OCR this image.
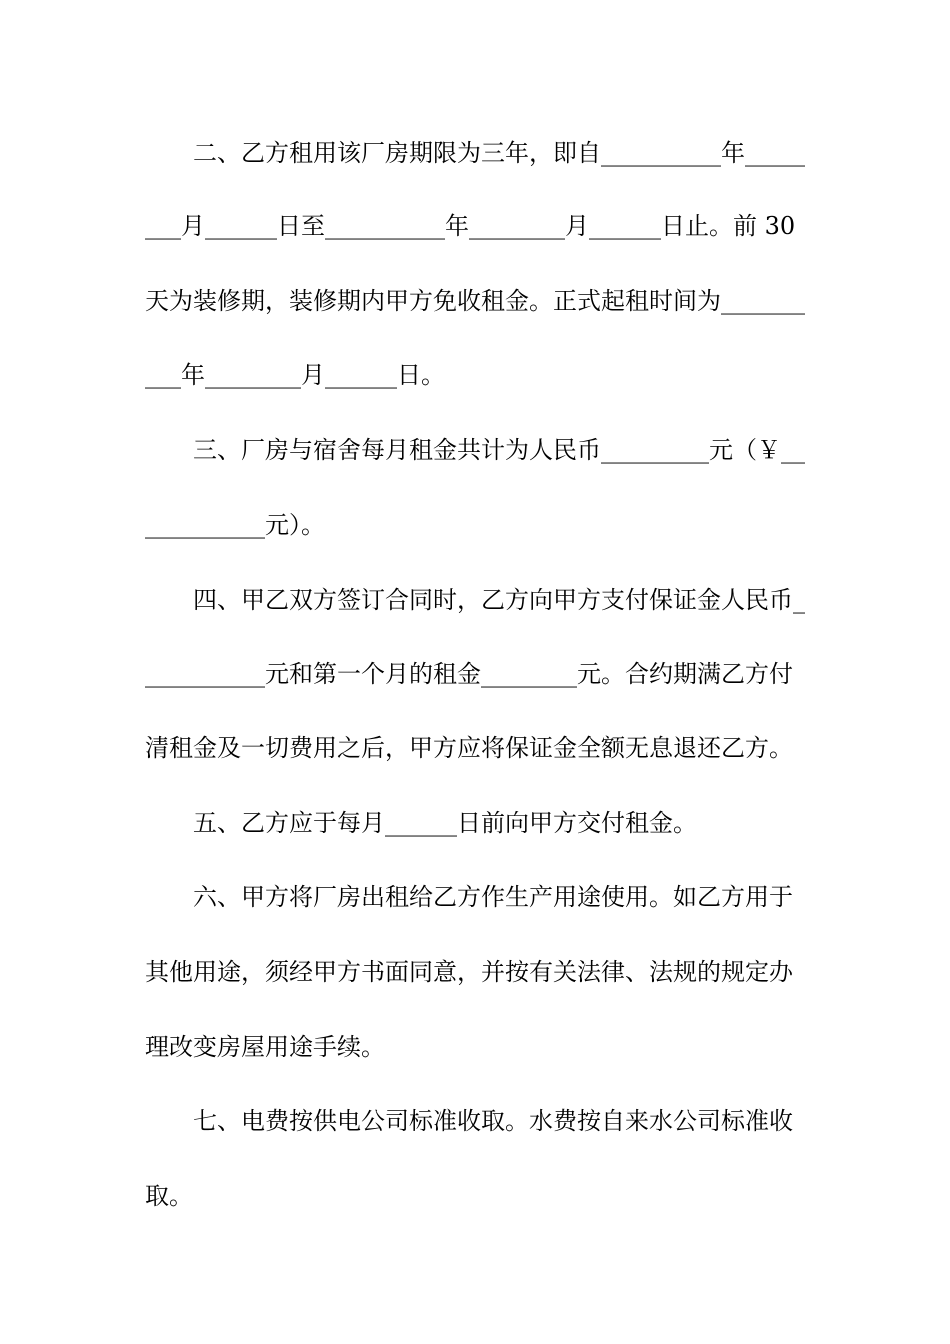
二、乙方租用该厂房期限为三年，即自__________年_____
___月______日至__________年________月______日止。前 30
天为装修期，装修期内甲方免收租金。正式起租时间为_______
___年________月______日。
三、厂房与宿舍每月租金共计为人民币_________元（￥__
__________元）。
四、甲乙双方签订合同时，乙方向甲方支付保证金人民币_
__________元和第一个月的租金________元。合约期满乙方付
清租金及一切费用之后，甲方应将保证金全额无息退还乙方。
五、乙方应于每月______日前向甲方交付租金。
六、甲方将厂房出租给乙方作生产用途使用。如乙方用于
其他用途，须经甲方书面同意，并按有关法律、法规的规定办
理改变房屋用途手续。
七、电费按供电公司标准收取。水费按自来水公司标准收
取。
